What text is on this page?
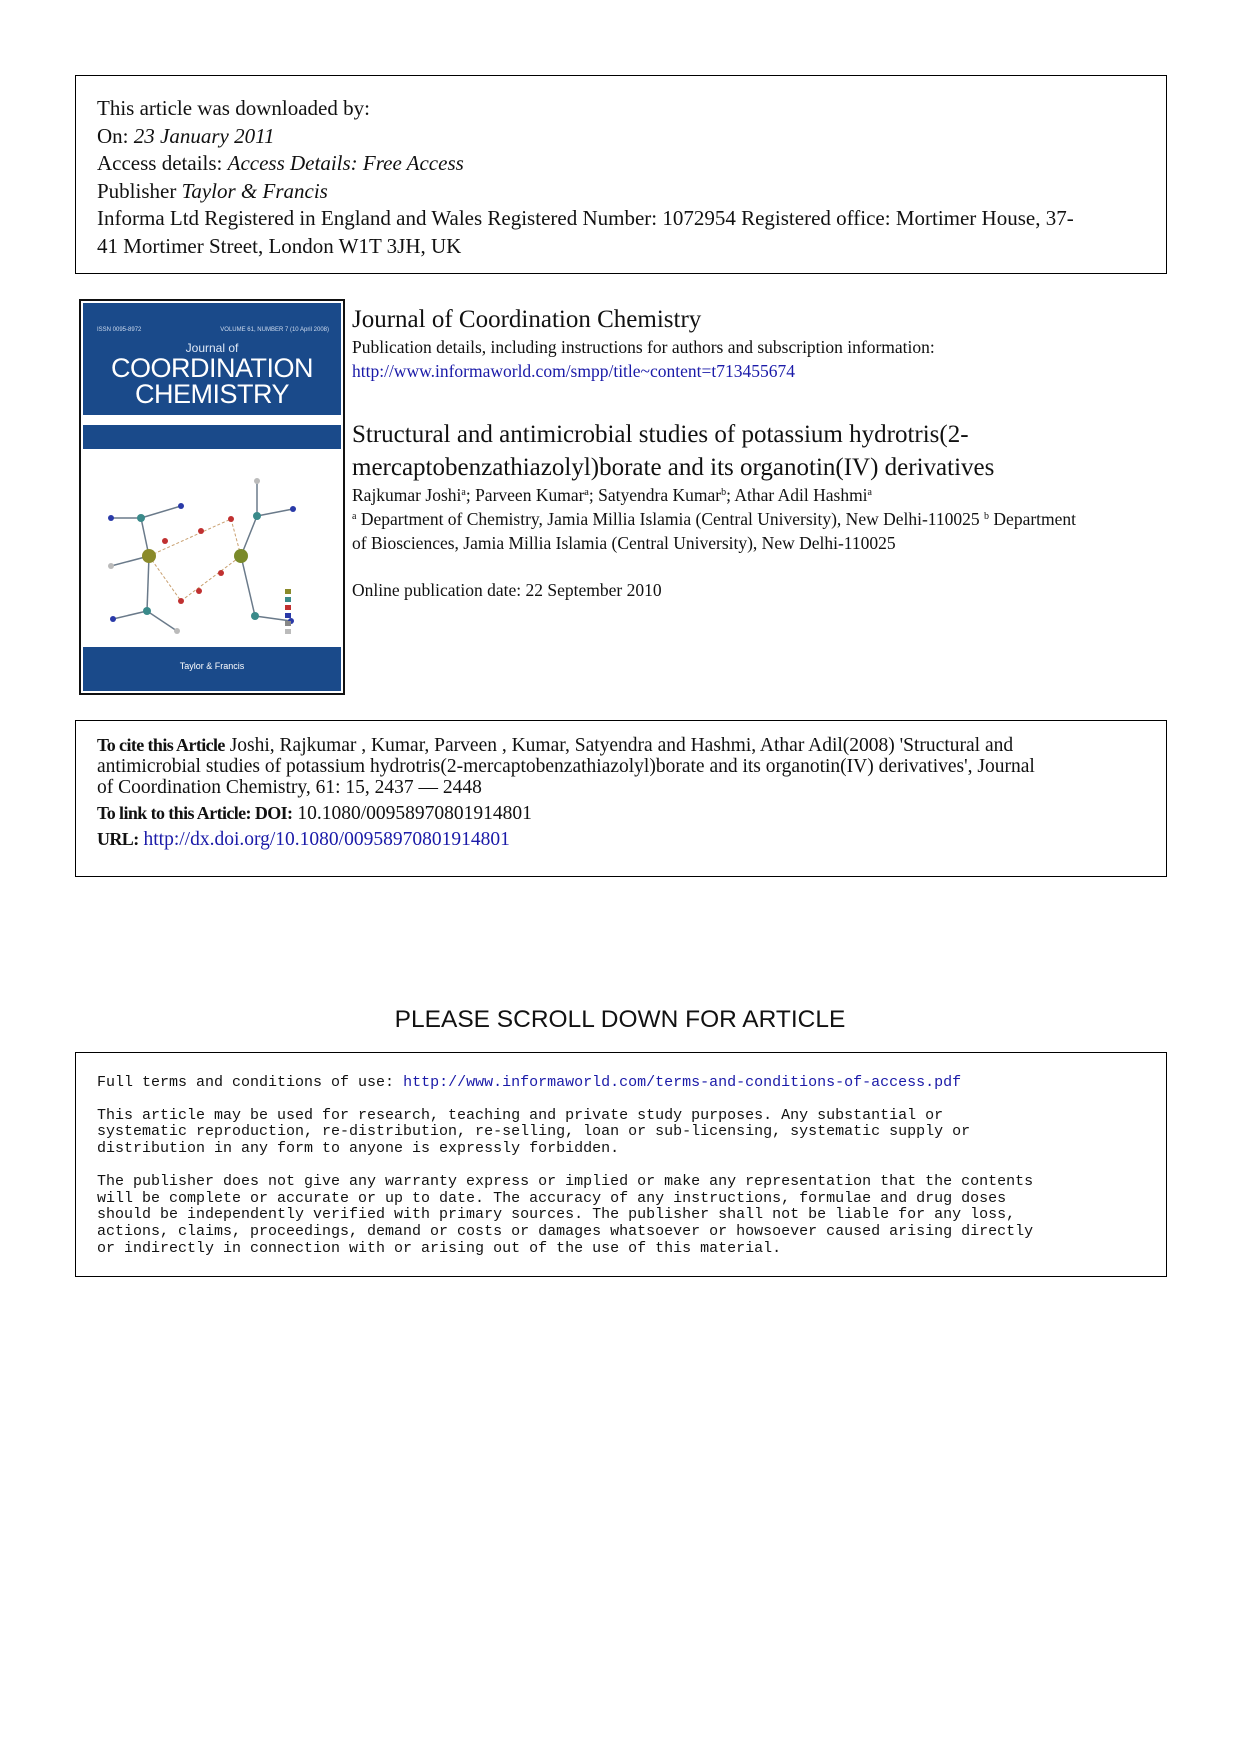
This article was downloaded by:
On: 23 January 2011
Access details: Access Details: Free Access
Publisher Taylor & Francis
Informa Ltd Registered in England and Wales Registered Number: 1072954 Registered office: Mortimer House, 37-
41 Mortimer Street, London W1T 3JH, UK
ISSN 0095-8972	VOLUME 61, NUMBER 7 (10 April 2008)
Journal of
COORDINATION
CHEMISTRY
Taylor & Francis
Journal of Coordination Chemistry
Publication details, including instructions for authors and subscription information:
http://www.informaworld.com/smpp/title~content=t713455674
Structural and antimicrobial studies of potassium hydrotris(2-
mercaptobenzathiazolyl)borate and its organotin(IV) derivatives
Rajkumar Joshi$^a$; Parveen Kumar$^a$; Satyendra Kumar$^b$; Athar Adil Hashmi$^a$
$^a$ Department of Chemistry, Jamia Millia Islamia (Central University), New Delhi-110025 $^b$ Department
of Biosciences, Jamia Millia Islamia (Central University), New Delhi-110025
Online publication date: 22 September 2010
To cite this Article Joshi, Rajkumar , Kumar, Parveen , Kumar, Satyendra and Hashmi, Athar Adil(2008) 'Structural and
antimicrobial studies of potassium hydrotris(2-mercaptobenzathiazolyl)borate and its organotin(IV) derivatives', Journal
of Coordination Chemistry, 61: 15, 2437 — 2448
To link to this Article: DOI: 10.1080/00958970801914801
URL: http://dx.doi.org/10.1080/00958970801914801
PLEASE SCROLL DOWN FOR ARTICLE
Full terms and conditions of use: http://www.informaworld.com/terms-and-conditions-of-access.pdf
This article may be used for research, teaching and private study purposes. Any substantial or
systematic reproduction, re-distribution, re-selling, loan or sub-licensing, systematic supply or
distribution in any form to anyone is expressly forbidden.
The publisher does not give any warranty express or implied or make any representation that the contents
will be complete or accurate or up to date. The accuracy of any instructions, formulae and drug doses
should be independently verified with primary sources. The publisher shall not be liable for any loss,
actions, claims, proceedings, demand or costs or damages whatsoever or howsoever caused arising directly
or indirectly in connection with or arising out of the use of this material.
